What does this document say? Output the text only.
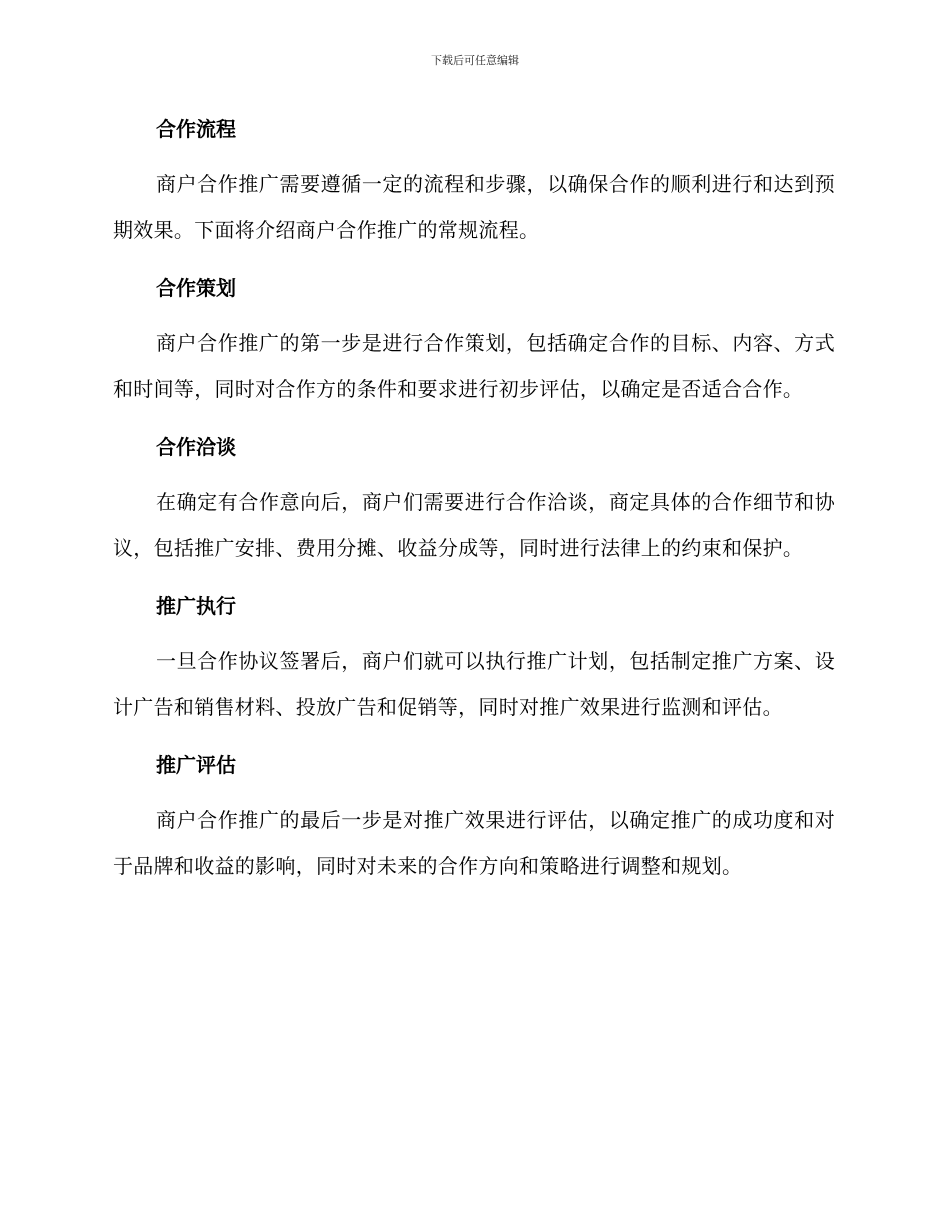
下载后可任意编辑
合作流程

商户合作推广需要遵循一定的流程和步骤，以确保合作的顺利进行和达到预期效果。下面将介绍商户合作推广的常规流程。

合作策划

商户合作推广的第一步是进行合作策划，包括确定合作的目标、内容、方式和时间等，同时对合作方的条件和要求进行初步评估，以确定是否适合合作。

合作洽谈

在确定有合作意向后，商户们需要进行合作洽谈，商定具体的合作细节和协议，包括推广安排、费用分摊、收益分成等，同时进行法律上的约束和保护。

推广执行

一旦合作协议签署后，商户们就可以执行推广计划，包括制定推广方案、设计广告和销售材料、投放广告和促销等，同时对推广效果进行监测和评估。

推广评估

商户合作推广的最后一步是对推广效果进行评估，以确定推广的成功度和对于品牌和收益的影响，同时对未来的合作方向和策略进行调整和规划。
